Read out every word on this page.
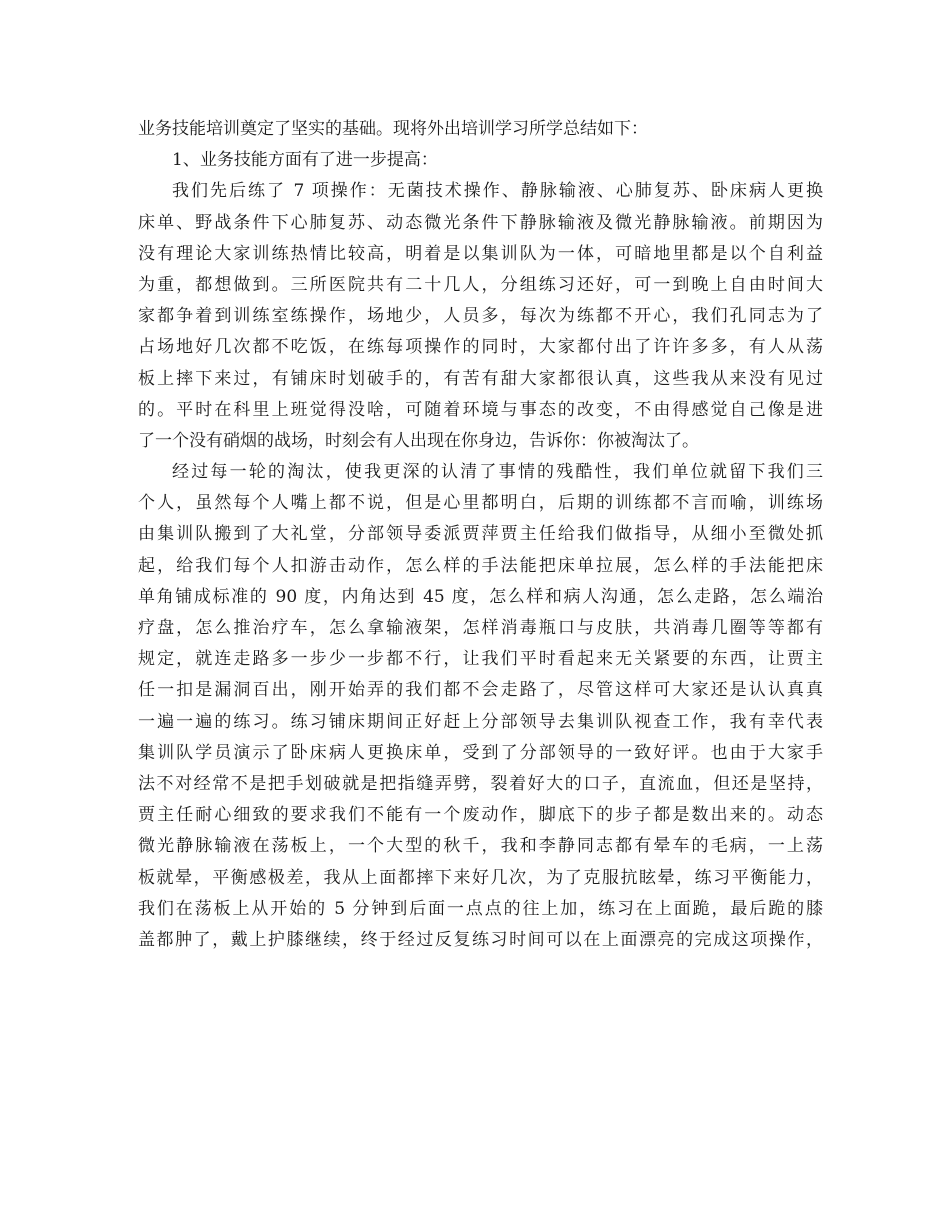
业务技能培训奠定了坚实的基础。现将外出培训学习所学总结如下：
1、业务技能方面有了进一步提高：
我们先后练了 7 项操作：无菌技术操作、静脉输液、心肺复苏、卧床病人更换
床单、野战条件下心肺复苏、动态微光条件下静脉输液及微光静脉输液。前期因为
没有理论大家训练热情比较高，明着是以集训队为一体，可暗地里都是以个自利益
为重，都想做到。三所医院共有二十几人，分组练习还好，可一到晚上自由时间大
家都争着到训练室练操作，场地少，人员多，每次为练都不开心，我们孔同志为了
占场地好几次都不吃饭，在练每项操作的同时，大家都付出了许许多多，有人从荡
板上摔下来过，有铺床时划破手的，有苦有甜大家都很认真，这些我从来没有见过
的。平时在科里上班觉得没啥，可随着环境与事态的改变，不由得感觉自己像是进
了一个没有硝烟的战场，时刻会有人出现在你身边，告诉你：你被淘汰了。
经过每一轮的淘汰，使我更深的认清了事情的残酷性，我们单位就留下我们三
个人，虽然每个人嘴上都不说，但是心里都明白，后期的训练都不言而喻，训练场
由集训队搬到了大礼堂，分部领导委派贾萍贾主任给我们做指导，从细小至微处抓
起，给我们每个人扣游击动作，怎么样的手法能把床单拉展，怎么样的手法能把床
单角铺成标准的 90 度，内角达到 45 度，怎么样和病人沟通，怎么走路，怎么端治
疗盘，怎么推治疗车，怎么拿输液架，怎样消毒瓶口与皮肤，共消毒几圈等等都有
规定，就连走路多一步少一步都不行，让我们平时看起来无关紧要的东西，让贾主
任一扣是漏洞百出，刚开始弄的我们都不会走路了，尽管这样可大家还是认认真真
一遍一遍的练习。练习铺床期间正好赶上分部领导去集训队视查工作，我有幸代表
集训队学员演示了卧床病人更换床单，受到了分部领导的一致好评。也由于大家手
法不对经常不是把手划破就是把指缝弄劈，裂着好大的口子，直流血，但还是坚持，
贾主任耐心细致的要求我们不能有一个废动作，脚底下的步子都是数出来的。动态
微光静脉输液在荡板上，一个大型的秋千，我和李静同志都有晕车的毛病，一上荡
板就晕，平衡感极差，我从上面都摔下来好几次，为了克服抗眩晕，练习平衡能力，
我们在荡板上从开始的 5 分钟到后面一点点的往上加，练习在上面跪，最后跪的膝
盖都肿了，戴上护膝继续，终于经过反复练习时间可以在上面漂亮的完成这项操作，
